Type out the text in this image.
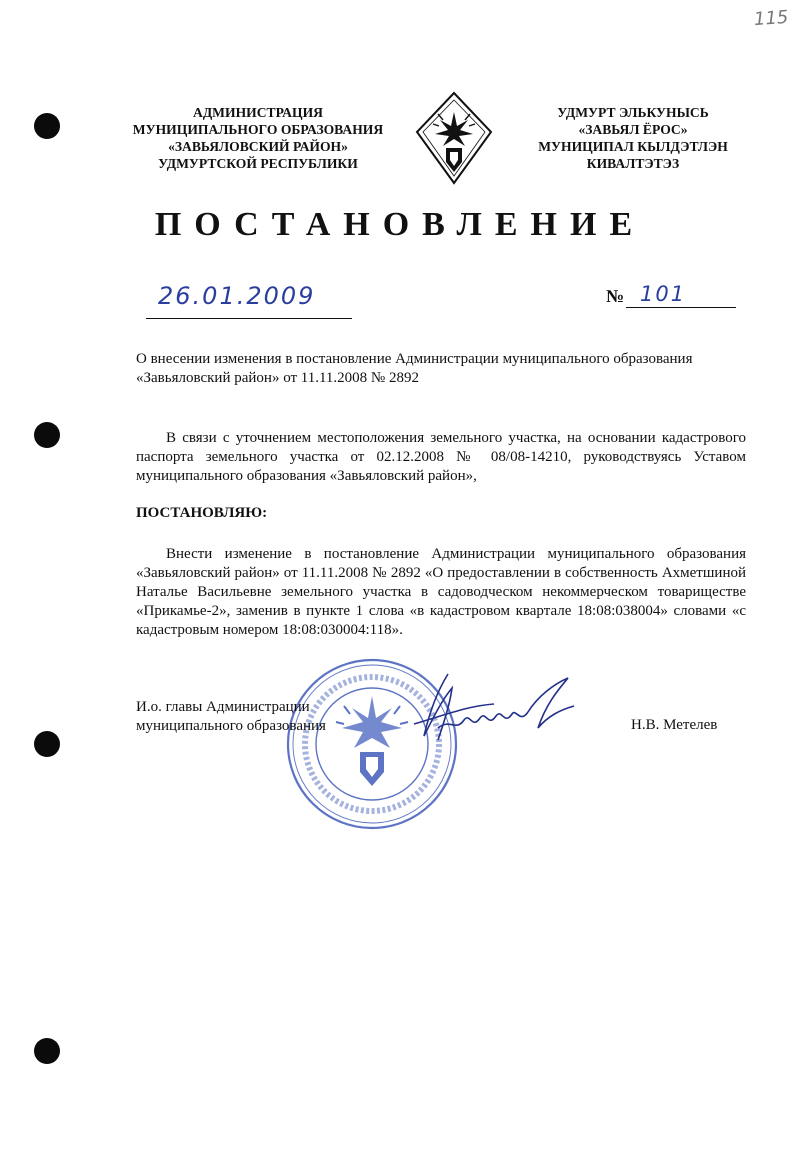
115
АДМИНИСТРАЦИЯ
МУНИЦИПАЛЬНОГО ОБРАЗОВАНИЯ
«ЗАВЬЯЛОВСКИЙ РАЙОН»
УДМУРТСКОЙ РЕСПУБЛИКИ
УДМУРТ ЭЛЬКУНЫСЬ
«ЗАВЬЯЛ ЁРОС»
МУНИЦИПАЛ КЫЛДЭТЛЭН
КИВАЛТЭТЭЗ
ПОСТАНОВЛЕНИЕ
26.01.2009	№ 101
О внесении изменения в постановление Администрации муниципального образования «Завьяловский район» от 11.11.2008 № 2892
В связи с уточнением местоположения земельного участка, на основании кадастрового паспорта земельного участка от 02.12.2008 № 08/08-14210, руководствуясь Уставом муниципального образования «Завьяловский район»,
ПОСТАНОВЛЯЮ:
Внести изменение в постановление Администрации муниципального образования «Завьяловский район» от 11.11.2008 № 2892 «О предоставлении в собственность Ахметшиной Наталье Васильевне земельного участка в садоводческом некоммерческом товариществе «Прикамье-2», заменив в пункте 1 слова «в кадастровом квартале 18:08:038004» словами «с кадастровым номером 18:08:030004:118».
И.о. главы Администрации
муниципального образования	Н.В. Метелев
